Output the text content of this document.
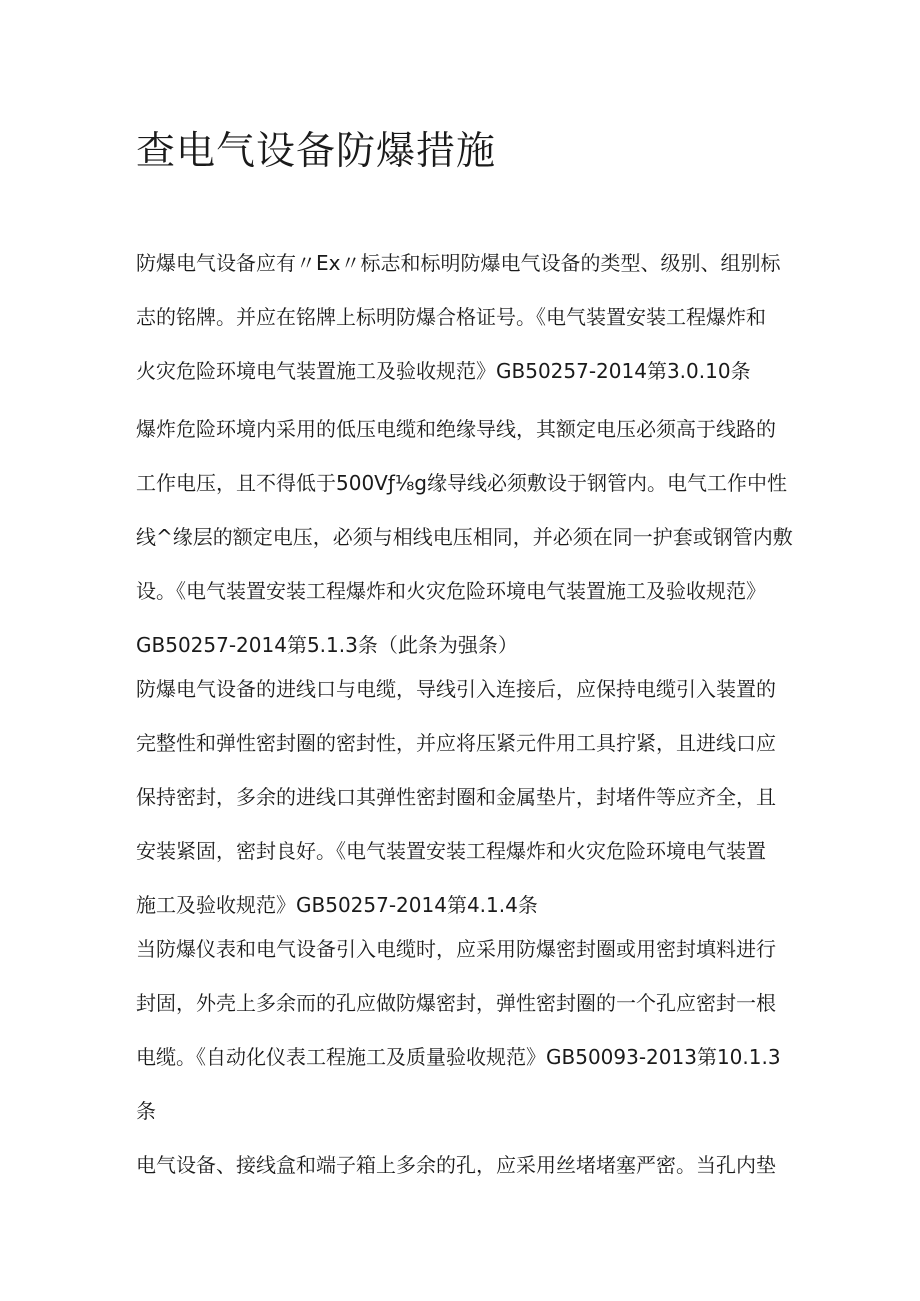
查电气设备防爆措施
防爆电气设备应有〃Ex〃标志和标明防爆电气设备的类型、级别、组别标
志的铭牌。并应在铭牌上标明防爆合格证号。《电气装置安装工程爆炸和
火灾危险环境电气装置施工及验收规范》GB50257-2014第3.0.10条
爆炸危险环境内采用的低压电缆和绝缘导线，其额定电压必须高于线路的
工作电压，且不得低于500Vƒ⅛g缘导线必须敷设于钢管内。电气工作中性
线^缘层的额定电压，必须与相线电压相同，并必须在同一护套或钢管内敷
设。《电气装置安装工程爆炸和火灾危险环境电气装置施工及验收规范》
GB50257-2014第5.1.3条（此条为强条）
防爆电气设备的进线口与电缆，导线引入连接后，应保持电缆引入装置的
完整性和弹性密封圈的密封性，并应将压紧元件用工具拧紧，且进线口应
保持密封，多余的进线口其弹性密封圈和金属垫片，封堵件等应齐全，且
安装紧固，密封良好。《电气装置安装工程爆炸和火灾危险环境电气装置
施工及验收规范》GB50257-2014第4.1.4条
当防爆仪表和电气设备引入电缆时，应采用防爆密封圈或用密封填料进行
封固，外壳上多余而的孔应做防爆密封，弹性密封圈的一个孔应密封一根
电缆。《自动化仪表工程施工及质量验收规范》GB50093-2013第10.1.3
条
电气设备、接线盒和端子箱上多余的孔，应采用丝堵堵塞严密。当孔内垫
